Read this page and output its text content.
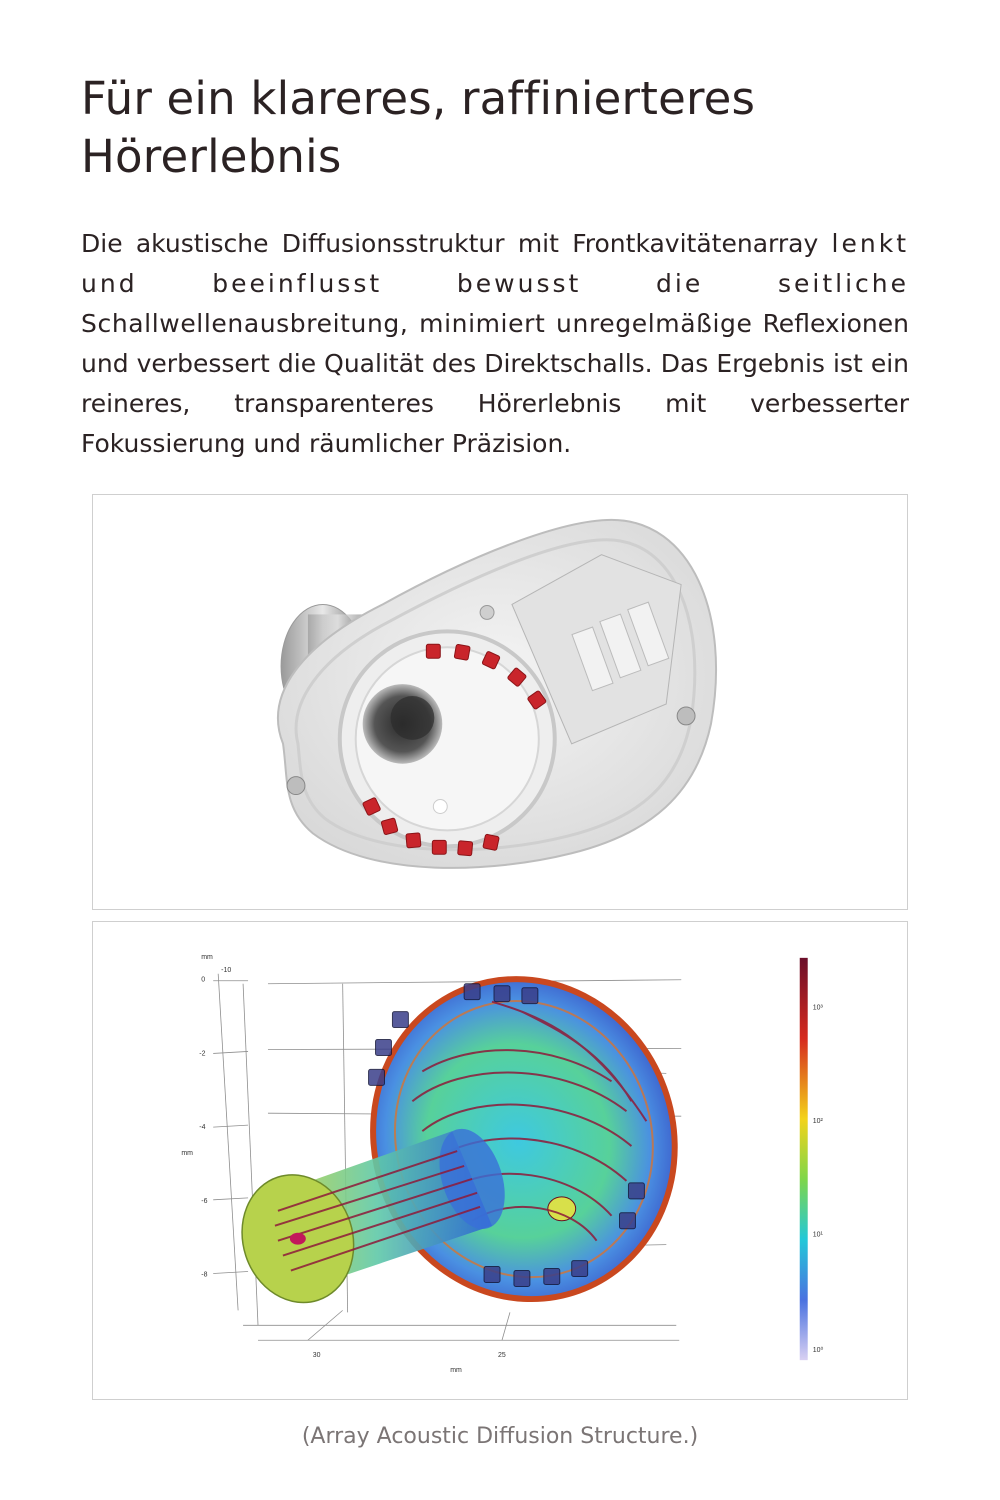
Für ein klareres, raffinierteres
Hörerlebnis

Die akustische Diffusionsstruktur mit Frontkavitätenarray lenkt und beeinflusst bewusst die seitliche Schallwellenausbreitung, minimiert unregelmäßige Reflexionen und verbessert die Qualität des Direktschalls. Das Ergebnis ist ein reineres, transparenteres Hörerlebnis mit verbesserter Fokussierung und räumlicher Präzision.

mm
-10
0
-2
-4
mm
-6
-8
30	25
mm
10³
10²
10¹
10⁰

(Array Acoustic Diffusion Structure.)
